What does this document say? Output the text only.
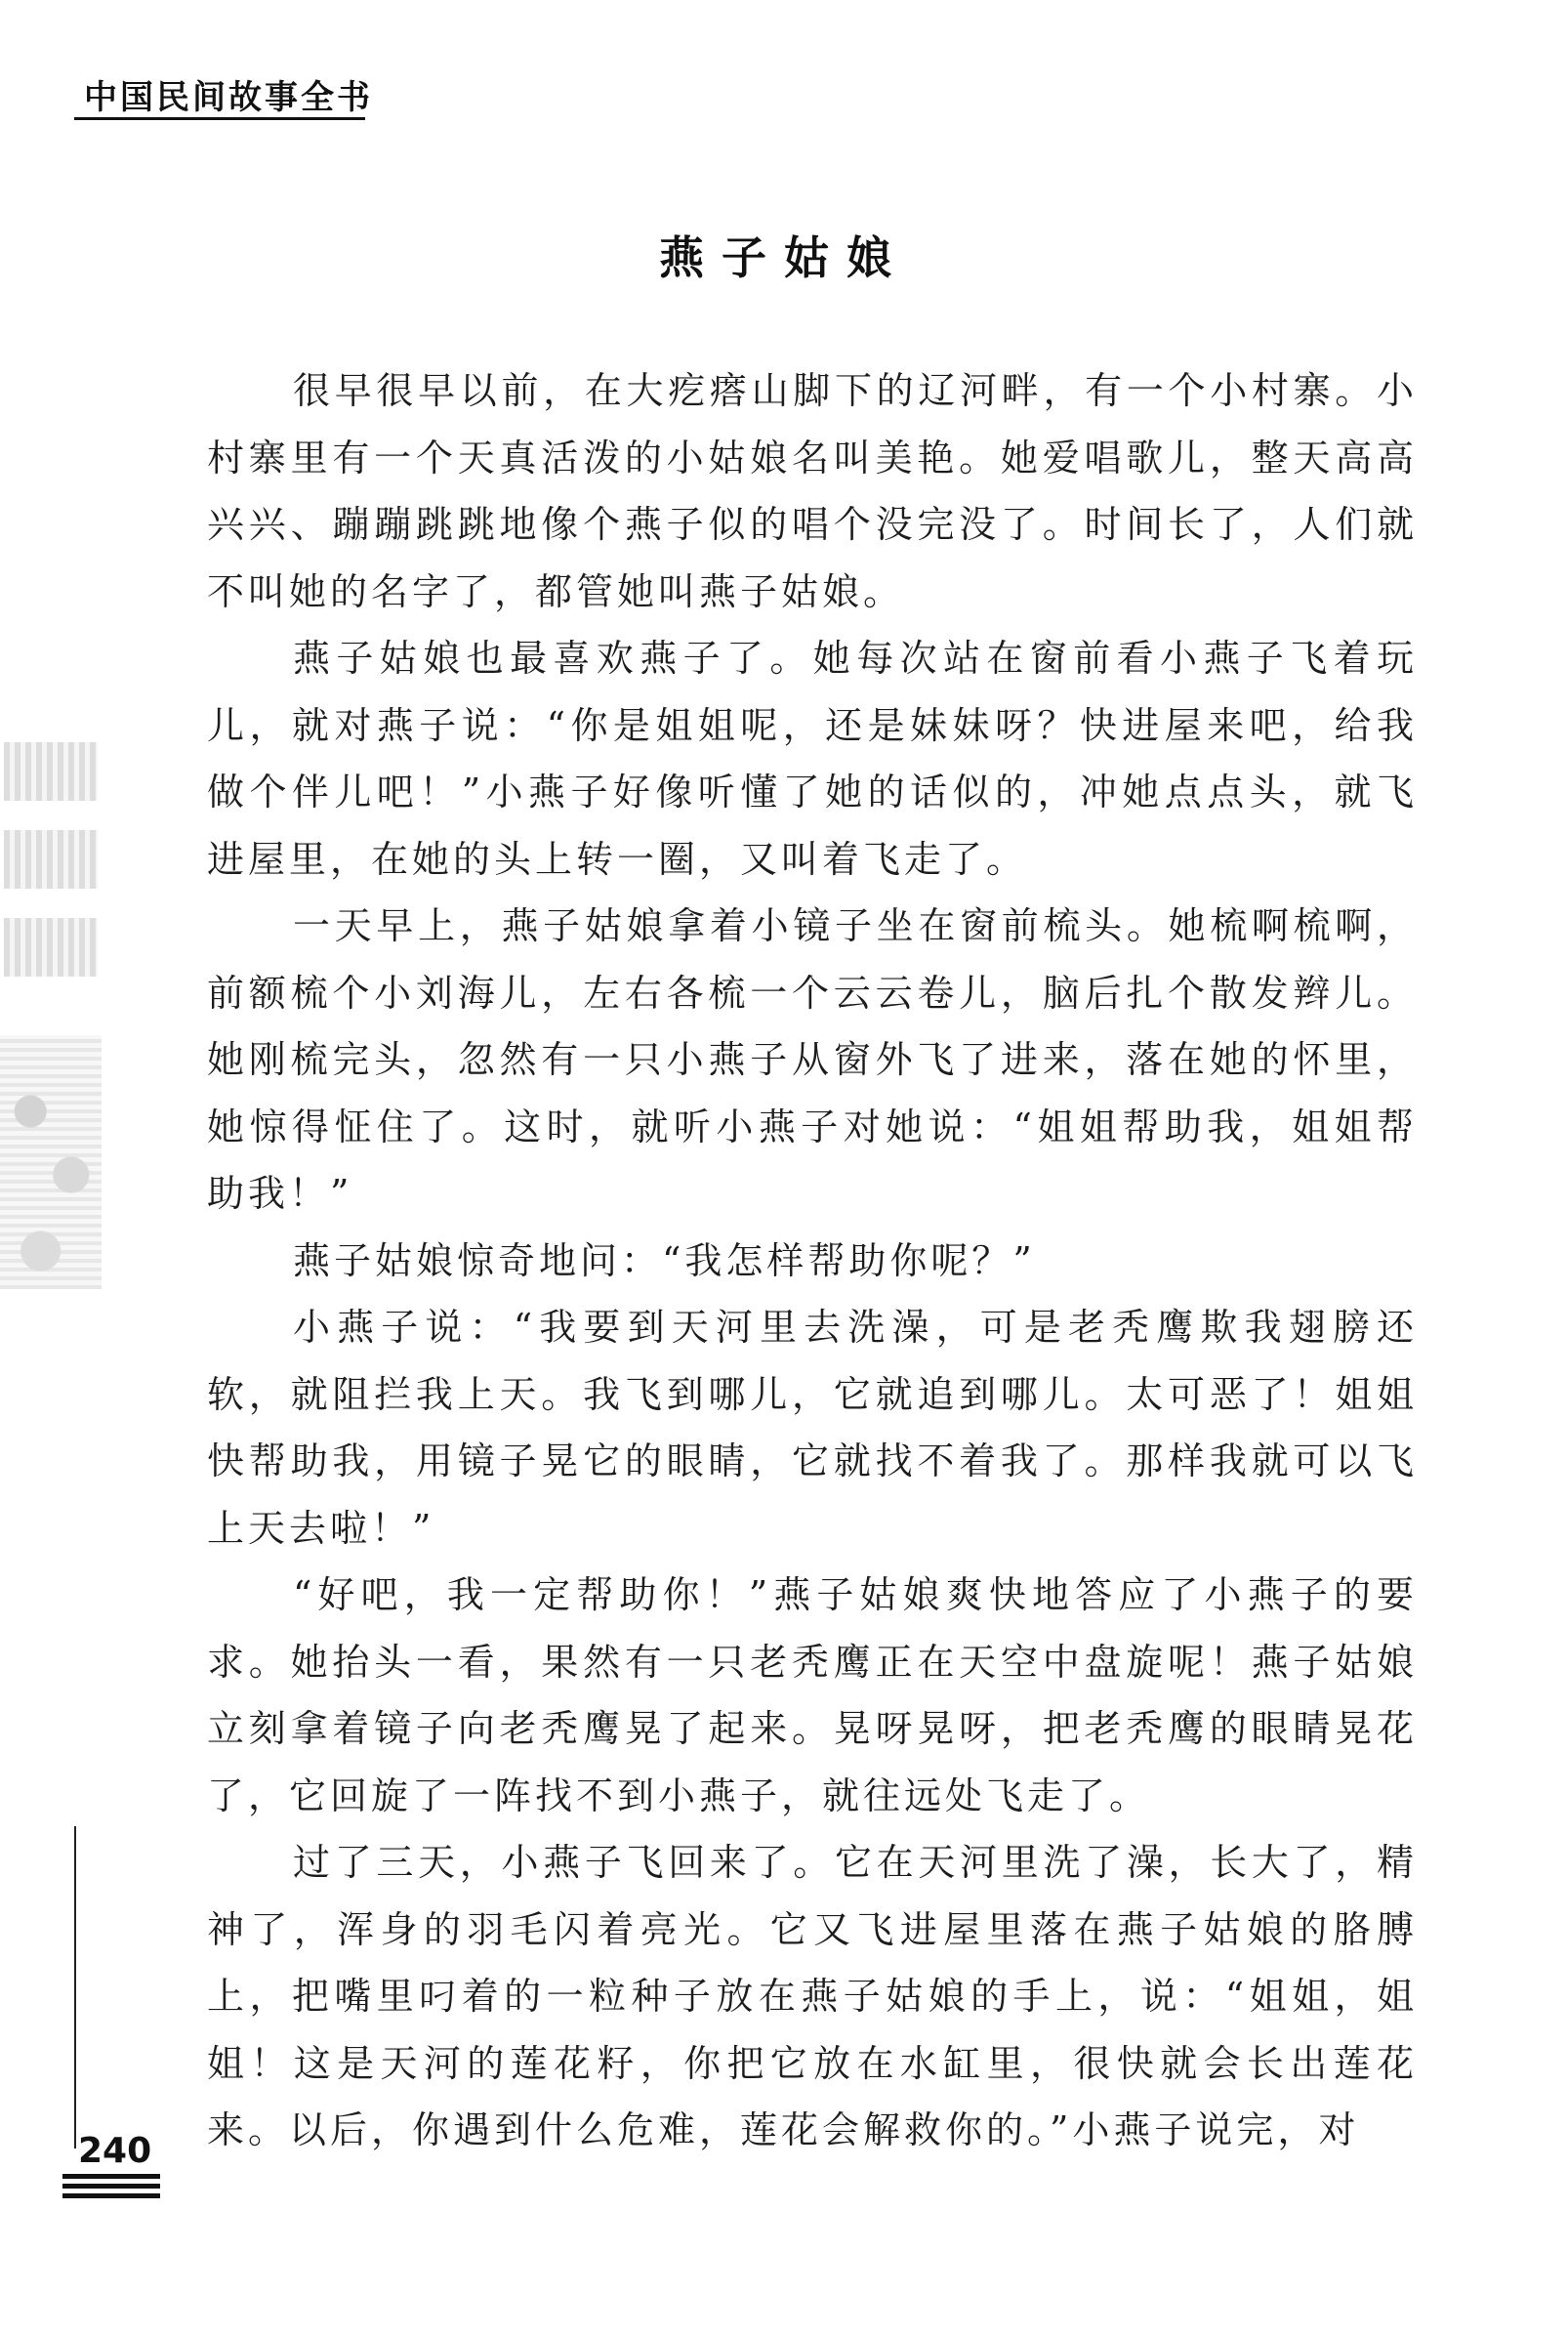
中国民间故事全书
燕子姑娘

很早很早以前，在大疙瘩山脚下的辽河畔，有一个小村寨。小村寨里有一个天真活泼的小姑娘名叫美艳。她爱唱歌儿，整天高高兴兴、蹦蹦跳跳地像个燕子似的唱个没完没了。时间长了，人们就不叫她的名字了，都管她叫燕子姑娘。

燕子姑娘也最喜欢燕子了。她每次站在窗前看小燕子飞着玩儿，就对燕子说：“你是姐姐呢，还是妹妹呀？快进屋来吧，给我做个伴儿吧！”小燕子好像听懂了她的话似的，冲她点点头，就飞进屋里，在她的头上转一圈，又叫着飞走了。

一天早上，燕子姑娘拿着小镜子坐在窗前梳头。她梳啊梳啊，前额梳个小刘海儿，左右各梳一个云云卷儿，脑后扎个散发辫儿。她刚梳完头，忽然有一只小燕子从窗外飞了进来，落在她的怀里，她惊得怔住了。这时，就听小燕子对她说：“姐姐帮助我，姐姐帮助我！”

燕子姑娘惊奇地问：“我怎样帮助你呢？”

小燕子说：“我要到天河里去洗澡，可是老秃鹰欺我翅膀还软，就阻拦我上天。我飞到哪儿，它就追到哪儿。太可恶了！姐姐快帮助我，用镜子晃它的眼睛，它就找不着我了。那样我就可以飞上天去啦！”

“好吧，我一定帮助你！”燕子姑娘爽快地答应了小燕子的要求。她抬头一看，果然有一只老秃鹰正在天空中盘旋呢！燕子姑娘立刻拿着镜子向老秃鹰晃了起来。晃呀晃呀，把老秃鹰的眼睛晃花了，它回旋了一阵找不到小燕子，就往远处飞走了。

过了三天，小燕子飞回来了。它在天河里洗了澡，长大了，精神了，浑身的羽毛闪着亮光。它又飞进屋里落在燕子姑娘的胳膊上，把嘴里叼着的一粒种子放在燕子姑娘的手上，说：“姐姐，姐姐！这是天河的莲花籽，你把它放在水缸里，很快就会长出莲花来。以后，你遇到什么危难，莲花会解救你的。”小燕子说完，对

240
